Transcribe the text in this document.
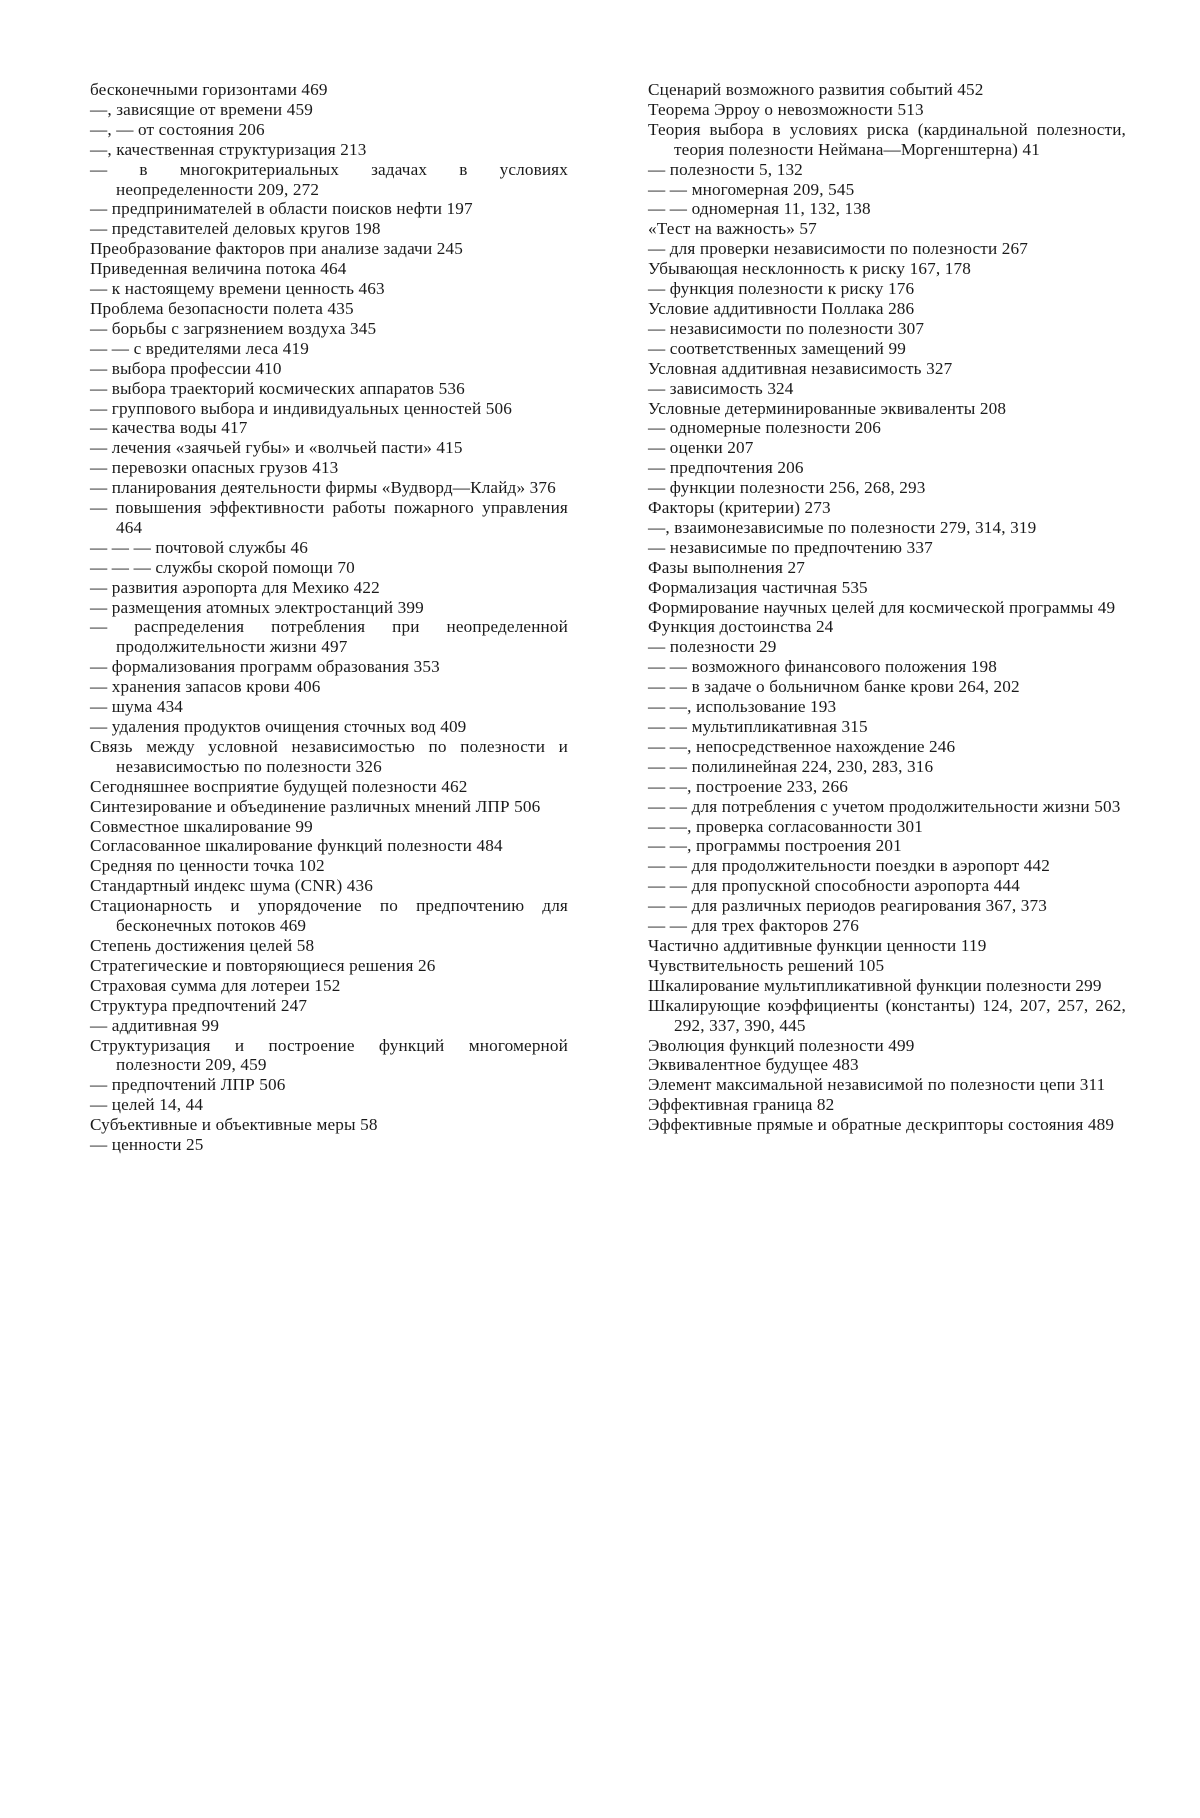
бесконечными горизонтами 469

—, зависящие от времени 459

—, — от состояния 206

—, качественная структуризация 213

— в многокритериальных задачах в условиях неопределенности 209, 272

— предпринимателей в области поисков нефти 197

— представителей деловых кругов 198

Преобразование факторов при анализе задачи 245

Приведенная величина потока 464

— к настоящему времени ценность 463

Проблема безопасности полета 435

— борьбы с загрязнением воздуха 345

— — с вредителями леса 419

— выбора профессии 410

— выбора траекторий космических аппаратов 536

— группового выбора и индивидуальных ценностей 506

— качества воды 417

— лечения «заячьей губы» и «волчьей пасти» 415

— перевозки опасных грузов 413

— планирования деятельности фирмы «Вудворд—Клайд» 376

— повышения эффективности работы пожарного управления 464

— — — почтовой службы 46

— — — службы скорой помощи 70

— развития аэропорта для Мехико 422

— размещения атомных электростанций 399

— распределения потребления при неопределенной продолжительности жизни 497

— формализования программ образования 353

— хранения запасов крови 406

— шума 434

— удаления продуктов очищения сточных вод 409

Связь между условной независимостью по полезности и независимостью по полезности 326

Сегодняшнее восприятие будущей полезности 462

Синтезирование и объединение различных мнений ЛПР 506

Совместное шкалирование 99

Согласованное шкалирование функций полезности 484

Средняя по ценности точка 102

Стандартный индекс шума (CNR) 436

Стационарность и упорядочение по предпочтению для бесконечных потоков 469

Степень достижения целей 58

Стратегические и повторяющиеся решения 26

Страховая сумма для лотереи 152

Структура предпочтений 247

— аддитивная 99

Структуризация и построение функций многомерной полезности 209, 459

— предпочтений ЛПР 506

— целей 14, 44

Субъективные и объективные меры 58

— ценности 25

Сценарий возможного развития событий 452

Теорема Эрроу о невозможности 513

Теория выбора в условиях риска (кардинальной полезности, теория полезности Неймана—Моргенштерна) 41

— полезности 5, 132

— — многомерная 209, 545

— — одномерная 11, 132, 138

«Тест на важность» 57

— для проверки независимости по полезности 267

Убывающая несклонность к риску 167, 178

— функция полезности к риску 176

Условие аддитивности Поллака 286

— независимости по полезности 307

— соответственных замещений 99

Условная аддитивная независимость 327

— зависимость 324

Условные детерминированные эквиваленты 208

— одномерные полезности 206

— оценки 207

— предпочтения 206

— функции полезности 256, 268, 293

Факторы (критерии) 273

—, взаимонезависимые по полезности 279, 314, 319

— независимые по предпочтению 337

Фазы выполнения 27

Формализация частичная 535

Формирование научных целей для космической программы 49

Функция достоинства 24

— полезности 29

— — возможного финансового положения 198

— — в задаче о больничном банке крови 264, 202

— —, использование 193

— — мультипликативная 315

— —, непосредственное нахождение 246

— — полилинейная 224, 230, 283, 316

— —, построение 233, 266

— — для потребления с учетом продолжительности жизни 503

— —, проверка согласованности 301

— —, программы построения 201

— — для продолжительности поездки в аэропорт 442

— — для пропускной способности аэропорта 444

— — для различных периодов реагирования 367, 373

— — для трех факторов 276

Частично аддитивные функции ценности 119

Чувствительность решений 105

Шкалирование мультипликативной функции полезности 299

Шкалирующие коэффициенты (константы) 124, 207, 257, 262, 292, 337, 390, 445

Эволюция функций полезности 499

Эквивалентное будущее 483

Элемент максимальной независимой по полезности цепи 311

Эффективная граница 82

Эффективные прямые и обратные дескрипторы состояния 489
